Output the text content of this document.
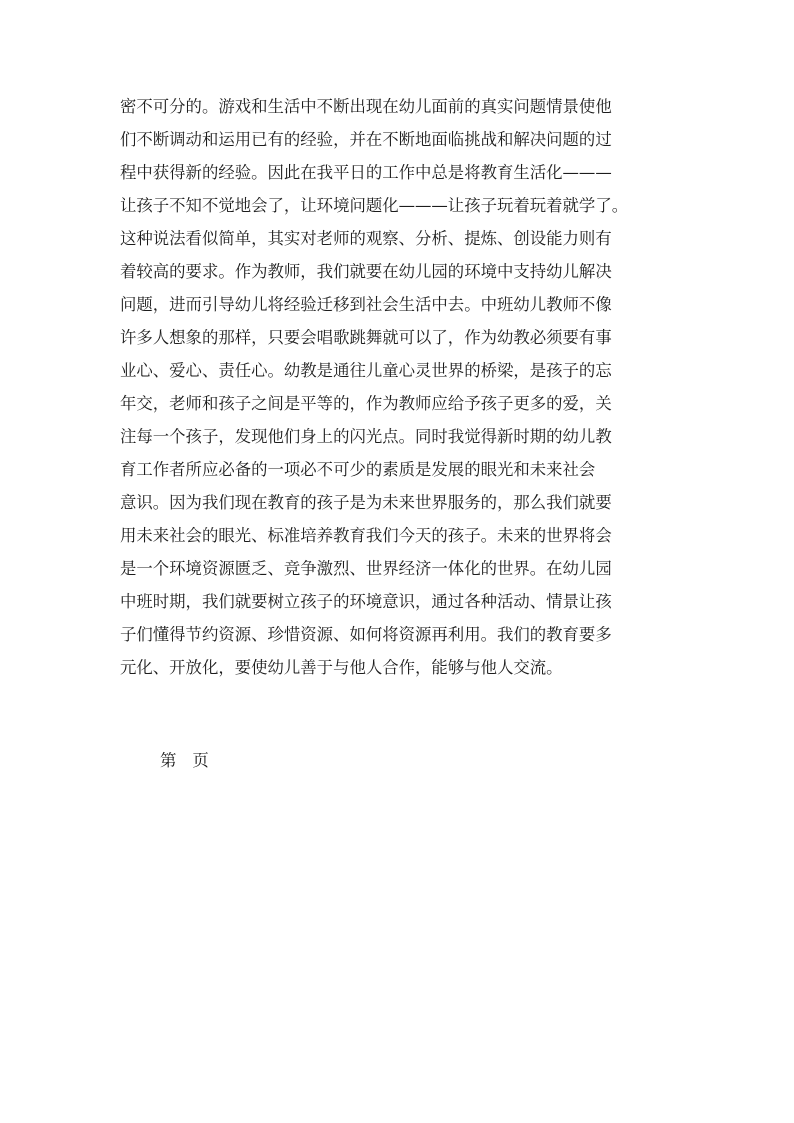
密不可分的。游戏和生活中不断出现在幼儿面前的真实问题情景使他
们不断调动和运用已有的经验，并在不断地面临挑战和解决问题的过
程中获得新的经验。因此在我平日的工作中总是将教育生活化———
让孩子不知不觉地会了，让环境问题化———让孩子玩着玩着就学了。
这种说法看似简单，其实对老师的观察、分析、提炼、创设能力则有
着较高的要求。作为教师，我们就要在幼儿园的环境中支持幼儿解决
问题，进而引导幼儿将经验迁移到社会生活中去。中班幼儿教师不像
许多人想象的那样，只要会唱歌跳舞就可以了，作为幼教必须要有事
业心、爱心、责任心。幼教是通往儿童心灵世界的桥梁，是孩子的忘
年交，老师和孩子之间是平等的，作为教师应给予孩子更多的爱，关
注每一个孩子，发现他们身上的闪光点。同时我觉得新时期的幼儿教
育工作者所应必备的一项必不可少的素质是发展的眼光和未来社会
意识。因为我们现在教育的孩子是为未来世界服务的，那么我们就要
用未来社会的眼光、标准培养教育我们今天的孩子。未来的世界将会
是一个环境资源匮乏、竞争激烈、世界经济一体化的世界。在幼儿园
中班时期，我们就要树立孩子的环境意识，通过各种活动、情景让孩
子们懂得节约资源、珍惜资源、如何将资源再利用。我们的教育要多
元化、开放化，要使幼儿善于与他人合作，能够与他人交流。
第 页
